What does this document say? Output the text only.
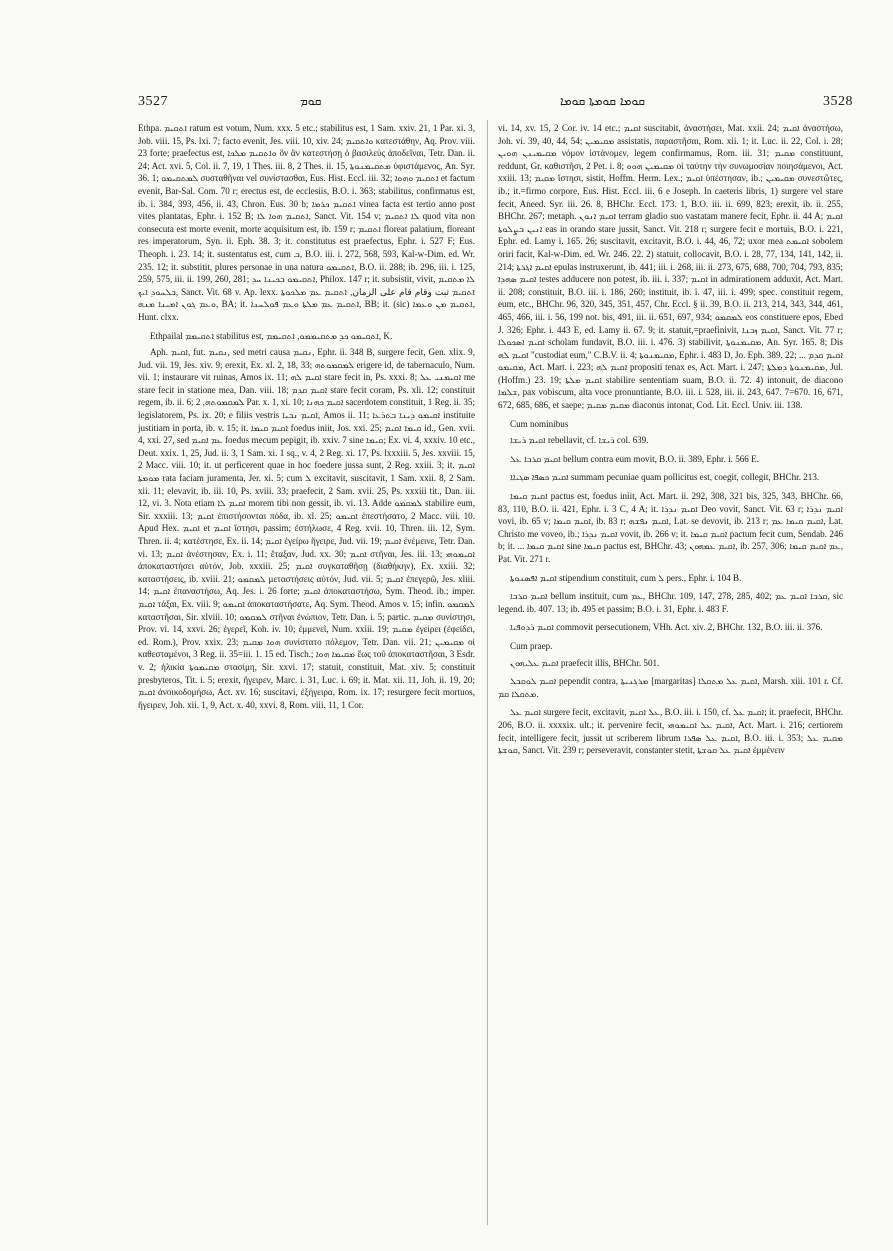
3527	ܩܘܡ	ܩܘܡܐ ܩܘܡܬܐ ܩܘܡܐ	3528

Ethpa. ܐܬܩܝܡ ratum est votum, Num. xxx. 5 etc.; stabilitus est, 1 Sam. xxiv. 21, 1 Par. xi. 3, Job. viii. 15, Ps. lxi. 7; facto evenit, Jes. viii. 10, xiv. 24; ܘܐܬܩܝܡ κατεστάθην, Aq. Prov. viii. 23 forte; praefectus est, ܘܐܬܩܝܡ ܡܠܟܐ ὃν ἂν κατεστήσῃ ὁ βασιλεὺς ἀποδεῖναι, Tetr. Dan. ii. 24; Act. xvi. 5, Col. ii. 7, 19, 1 Thes. iii. 8, 2 Thes. ii. 15, ܡܬܩܝܡܢܘܬܐ ὑφιστάμενος, An. Syr. 36. 1; ܠܡܬܩܝܡܘ συσταθῆναι vel συνίστασθαι, Eus. Hist. Eccl. iii. 32; ܐܬܩܝܡ ܘܗܘܐ et factum evenit, Bar-Sal. Com. 70 r; erectus est, de ecclesiis, B.O. i. 363; stabilitus, confirmatus est, ib. i. 384, 393, 456, ii. 43, Chron. Eus. 30 b; ܐܬܩܝܡ ܟܪܡܐ vinea facta est tertio anno post vites plantatas, Ephr. i. 152 B; ܐܬܩܝܡ ܗܘܐ ܠܐ, Sanct. Vit. 154 v; ܠܐ ܐܬܩܝܡ quod vita non consecuta est morte evenit, morte acquisitum est, ib. 159 r; ܐܬܩܝܡ floreat palatium, floreant res imperatorum, Syn. ii. Eph. 38. 3; it. constitutus est praefectus, Ephr. i. 527 F; Eus. Theoph. i. 23. 14; it. sustentatus est, cum ܒ, B.O. iii. i. 272, 568, 593, Kal-w-Dim. ed. Wr. 235. 12; it. substitit, plures personae in una natura ܐܬܩܝܡܘ, B.O. ii. 288; ib. 296, iii. i. 125, 259, 575, iii. ii. 199, 260, 281; ܐܬܩܝܡܘ ܒܟܝܢܐ ܚܕ, Philox. 147 r; it. subsistit, vivit, ܠܐ ܡܬܩܝܡ ܒܠܚܘܕ ܐܝܟ, Sanct. Vit. 68 v. Ap. lexx. ܐܬܩܝܡ ثبت وقام قام على الزمان, ܐܬܩܝܡ ܥܡ ܡܠܟܘܬܐ ܘܥܡ ܓܘܢ ܐܡܝܢܐ ܡܢܗ, BA; it. ܐܬܩܝܡ ܥܡ ܡܠܬܐ ܘܥܡ ܦܘܠܚܢܐ, BB; it. (sic) ܐܬܩܝܡ ܡܢ ܘܥܡܐ, Hunt. clxx.

Ethpailal ܐܬܩܝܡܡ stabilitus est, ܐܬܩܝܡܘ ܟܕ ܡܬܩܝܡܡܘ, ܐܬܩܝܡܡ, K.

Aph. ܐܩܝܡ, fut. ܢܩܝܡ, sed metri causa ܢܩܝܡ, Ephr. ii. 348 B, surgere fecit, Gen. xlix. 9, Jud. vii. 19, Jes. xiv. 9; erexit, Ex. xl. 2, 18, 33; ܠܡܩܡܘܬܗ erigere id, de tabernaculo, Num. vii. 1; instaurare vit ruinas, Amos ix. 11; ܐܩܝܡ ܠܗ stare fecit in, Ps. xxxi. 8; ܐܩܝܡܢܝ ܥܠ me stare fecit in statione mea, Dan. viii. 18; ܐܩܝܡ ܩܕܡ stare fecit coram, Ps. xli. 12; constituit regem, ib. ii. 6; ܠܡܩܡܘܬܗ, 2 Par. x. 1, xi. 10; ܐܩܝܡ ܟܗܢܐ sacerdotem constituit, 1 Reg. ii. 35; legislatorem, Ps. ix. 20; e filiis vestris ܐܩܝܡ ܢܒܝܐ, Amos ii. 11; ܐܩܝܡܘ ܕܝܢܐ ܒܬܪܥܐ instituite justitiam in porta, ib. v. 15; it. ܐܩܝܡ ܩܝܡܐ foedus iniit, Jos. xxi. 25; ܩܝܡܐ ܐܩܝܡ id., Gen. xvii. 4, xxi. 27, sed ܥܡ ܐܩܝܡ foedus mecum pepigit, ib. xxiv. 7 sine ܩܝܡܐ; Ex. vi. 4, xxxiv. 10 etc., Deut. xxix. 1, 25, Jud. ii. 3, 1 Sam. xi. 1 sq., v. 4, 2 Reg. xi. 17, Ps. lxxxiii. 5, Jes. xxviii. 15, 2 Macc. viii. 10; it. ut perficerent quae in hoc foedere jussa sunt, 2 Reg. xxiii. 3; it. ܐܩܝܡ ܡܘܡܬܐ rata faciam juramenta, Jer. xi. 5; cum ܠ excitavit, suscitavit, 1 Sam. xxii. 8, 2 Sam. xii. 11; elevavit, ib. iii. 10, Ps. xviii. 33; praefecit, 2 Sam. xvii. 25, Ps. xxxiii tit., Dan. iii. 12, vi. 3. Nota etiam ܐܩܝܡ ܠܐ morem tibi non gessit, ib. vi. 13. Adde ܠܡܩܡܘ stabilire eum, Sir. xxxiii. 13; ܐܩܝܡ ἐπιστήσονται πόδα, ib. xl. 25; ܐܩܝܡܘ ἐπεστήσατο, 2 Macc. viii. 10. Apud Hex. ܐܩܝܡ et ܐܩܝܡ ἵστησι, passim; ἐστήλωσε, 4 Reg. xvii. 10, Thren. iii. 12, Sym. Thren. ii. 4; κατέστησε, Ex. ii. 14; ܐܩܝܡ ἐγείρω ἤγειρε, Jud. vii. 19; ܐܩܝܡ ἐνέμεινε, Tetr. Dan. vi. 13; ܐܩܝܡ ἀνέστησαν, Ex. i. 11; ἔταξαν, Jud. xx. 30; ܐܩܝܡ στῆναι, Jes. iii. 13; ܐܩܝܡܘܗܝ ἀποκαταστήσει αὐτόν, Job. xxxiii. 25; ܐܩܝܡ συγκαταθῆσῃ (διαθήκην), Ex. xxiii. 32; καταστήσεις, ib. xviii. 21; ܠܡܩܡܘ μεταστήσεις αὐτόν, Jud. vii. 5; ܐܩܝܡ ἐπεγερῶ, Jes. xliii. 14; ܐܩܝܡ ἐπαναστήσω, Aq. Jes. i. 26 forte; ܐܩܝܡ ἀποκαταστήσω, Sym. Theod. ib.; imper. ܐܩܝܡ τάξαι, Ex. viii. 9; ܐܩܝܡܘ ἀποκαταστήσατε, Aq. Sym. Theod. Amos v. 15; infin. ܠܡܩܡܘ καταστῆσαι, Sir. xlviii. 10; ܠܡܩܡܘ στῆναι ἐνώπιον, Tetr. Dan. i. 5; partic. ܡܩܝܡ συνίστησι, Prov. vi. 14, xxvi. 26; ἐγερεῖ, Koh. iv. 10; ἐμμενεῖ, Num. xxiii. 19; ܡܩܝܡ ἐγείρει (ἐφείδει, ed. Rom.), Prov. xxix. 23; ܗܘܐ ܡܩܝܡ συνίστατο πόλεμον, Tetr. Dan. vii. 21; ܡܩܝܡܝܢ οἱ καθεσταμένοι, 3 Reg. ii. 35=iii. 1. 15 ed. Tisch.; ܡܩܝܡܐ ܗܘܐ ἕως τοῦ ἀποκαταστῆσαι, 3 Esdr. v. 2; ἠλικία ܡܩܝܡܘܬܐ στασίμη, Sir. xxvi. 17; statuit, constituit, Mat. xiv. 5; constituit presbyteros, Tit. i. 5; erexit, ἤγειρεν, Marc. i. 31, Luc. i. 69; it. Mat. xii. 11, Joh. ii. 19, 20; ܐܩܝܡ ἀνοικοδομήσω, Act. xv. 16; suscitavi, ἐξήγειρα, Rom. ix. 17; resurgere fecit mortuos, ἤγειρεν, Joh. xii. 1, 9, Act. x. 40, xxvi. 8, Rom. viii. 11, 1 Cor.

vi. 14, xv. 15, 2 Cor. iv. 14 etc.; ܐܩܝܡ suscitabit, ἀναστήσει, Mat. xxii. 24; ܐܩܝܡ ἀναστήσω, Joh. vi. 39, 40, 44, 54; ܡܩܝܡܝܢ assistatis, παραστῆσαι, Rom. xii. 1; it. Luc. ii. 22, Col. i. 28; ܡܩܝܡܝܢܢ ܗܘܝܢ νόμον ἱστάνομεν, legem confirmamus, Rom. iii. 31; ܡܩܝܡ constituunt, reddunt, Gr. καθιστῆσι, 2 Pet. i. 8; ܡܩܝܡܝܢ ܗܘܘ οἱ ταύτην τὴν συνωμοσίαν ποιησάμενοι, Act. xxiii. 13; ܡܩܝܡ ἵστησι, sistit, Hoffm. Herm. Lex.; ܐܩܝܡ ὑπέστησαν, ib.; ܡܩܝܡܝܢ συνεστῶτες, ib.; it.=firmo corpore, Eus. Hist. Eccl. iii. 6 e Joseph. In caeteris libris, 1) surgere vel stare fecit, Aneed. Syr. iii. 26. 8, BHChr. Eccl. 173. 1, B.O. iii. ii. 699, 823; erexit, ib. ii. 255, BHChr. 267; metaph. ܐܩܝܡ ܐܢܘܢ terram gladio suo vastatam manere fecit, Ephr. ii. 44 A; ܐܩܝܡ ܐܢܝܢ ܒܨܠܘܬܐ eas in orando stare jussit, Sanct. Vit. 218 r; surgere fecit e mortuis, B.O. i. 221, Ephr. ed. Lamy i. 165. 26; suscitavit, excitavit, B.O. i. 44, 46, 72; uxor mea ܐܩܝܡܬ sobolem oriri facit, Kal-w-Dim. ed. Wr. 246. 22. 2) statuit, collocavit, B.O. i. 28, 77, 134, 141, 142, ii. 214; ܐܩܝܡ ܐܓܪܬܐ epulas instruxerunt, ib. 441; iii. i. 268, iii. ii. 273, 675, 688, 700, 704, 793, 835; ܐܩܝܡ ܣܗܕܐ testes adducere non potest, ib. iii. i. 337; ܐܩܝܡ in admirationem adduxit, Act. Mart. ii. 208; constituit, B.O. iii. i. 186, 260; instituit, ib. i. 47, iii. i. 499; spec. constituit regem, eum, etc., BHChr. 96, 320, 345, 351, 457, Chr. Eccl. § ii. 39, B.O. ii. 213, 214, 343, 344, 461, 465, 466, iii. i. 56, 199 not. bis, 491, iii. ii. 651, 697, 934; ܠܡܩܡܘ eos constituere epos, Ebed J. 326; Ephr. i. 443 E, ed. Lamy ii. 67. 9; it. statuit,=praefinivit, ܐܩܝܡ ܙܒܢܐ, Sanct. Vit. 77 r; ܐܩܝܡ ܐܣܟܘܠܐ scholam fundavit, B.O. iii. i. 476. 3) stabilivit, ܡܩܝܡܢܘܬܐ, An. Syr. 165. 8; Dis ܐܩܝܡ ܠܗ "custodiat eum," C.B.V. ii. 4; ܡܩܝܡܢܘܬܐ, Ephr. i. 483 D, Jo. Eph. 389. 22; ܐܩܝܡ ܩܕܡ ... ܡܩܝܡܘ, Act. Mart. i. 223; ܐܩܝܡ ܠܗ propositi tenax es, Act. Mart. i. 247; ܡܩܝܡܢܘܬܐ ܕܡܠܬܐ, Jul. (Hoffm.) 23. 19; ܐܩܝܡ ܡܠܬܐ stabilire sententiam suam, B.O. ii. 72. 4) intonuit, de diacono ܫܠܡܐ, pax vobiscum, alta voce pronuntiante, B.O. iii. i. 528, iii. ii. 243, 647. 7=670. 16, 671, 672, 685, 686, et saepe; ܡܩܝܡ ܡܩܝܡ diaconus intonat, Cod. Lit. Eccl. Univ. iii. 138.

Cum nominibus

ܐܩܝܡ ܪܝܫܐ rebellavit, cf. ܪܝܫܐ col. 639.

ܐܩܝܡ ܩܪܒܐ ܥܠ bellum contra eum movit, B.O. ii. 389, Ephr. i. 566 E.

ܐܩܝܡ ܟܣܦܐ ܣܓܝܐܐ summam pecuniae quam pollicitus est, coegit, collegit, BHChr. 213.

ܐܩܝܡ ܩܝܡܐ pactus est, foedus iniit, Act. Mart. ii. 292, 308, 321 bis, 325, 343, BHChr. 66, 83, 110, B.O. ii. 421, Ephr. i. 3 C, 4 A; it. ܐܩܝܡ ܢܕܪܐ Deo vovit, Sanct. Vit. 63 r; ܐܩܝܡ ܢܕܪܐ vovi, ib. 65 v; ܐܩܝܡ ܩܝܡܐ, ib. 83 r; ܐܩܝܡ ܢܦܫܗ, Lat. se devovit, ib. 213 r; ܐܩܝܡ ܩܝܡܐ ܥܡ, Lat. Christo me voveo, ib.; ܐܩܝܡ ܢܕܪܐ vovit, ib. 266 v; it. ܐܩܝܡ ܩܝܡܐ pactum fecit cum, Sendab. 246 b; it. ... ܐܩܝܡ ܩܝܡܐ sine ܩܝܡܐ pactus est, BHChr. 43; ܐܩܝܡ ܥܡܗܘܢ, ib. 257, 306; ܥܡ ܐܩܝܡ ܩܝܡܐ, Pat. Vit. 271 r.

ܐܩܝܡ ܐܦܣܢܘܬܐ stipendium constituit, cum ܠ pers., Ephr. i. 104 B.

ܐܩܝܡ ܩܪܒܐ bellum instituit, cum ܥܡ, BHChr. 109, 147, 278, 285, 402; ܩܪܒܐ ܐܩܝܡ ܥܡ, sic legend. ib. 407. 13; ib. 495 et passim; B.O. i. 31, Ephr. i. 483 F.

ܐܩܝܡ ܪܕܘܦܝܐ commovit persecutionem, VHh. Act. xiv. 2, BHChr. 132, B.O. iii. ii. 376.

Cum praep.

ܐܩܝܡ ܥܠܝܗܘܢ praefecit illis, BHChr. 501.

ܐܩܝܡ ܠܘܩܒܠ pependit contra, ܡܪܓܢܝܬܐ [margaritas] ܐܩܝܡ ܥܠ ܡܬܩܠܐ, Marsh. xiii. 101 r. Cf. ܡܬܩܠܐ ܩܡ.

ܐܩܝܡ ܥܠ surgere fecit, excitavit, ܥܠ ܐܩܝܡ, B.O. iii. i. 150, cf. ܐܩܝܡ ܥܠ; it. praefecit, BHChr. 206, B.O. ii. xxxxix. ult.; it. pervenire fecit, ܐܩܝܡ ܥܠ ܐܩܝܡܘܗܝ, Act. Mart. i. 216; certiorem fecit, intelligere fecit, jussit ut scriberem librum ܐܩܝܡ ܥܠ ܣܦܪܐ, B.O. iii. i. 353; ܡܩܝܡ ܥܠ ܩܘܫܬܐ, Sanct. Vit. 239 r; perseveravit, constanter stetit, ܐܩܝܡ ܥܠ ܩܘܫܬܐ ἐμμένειν
